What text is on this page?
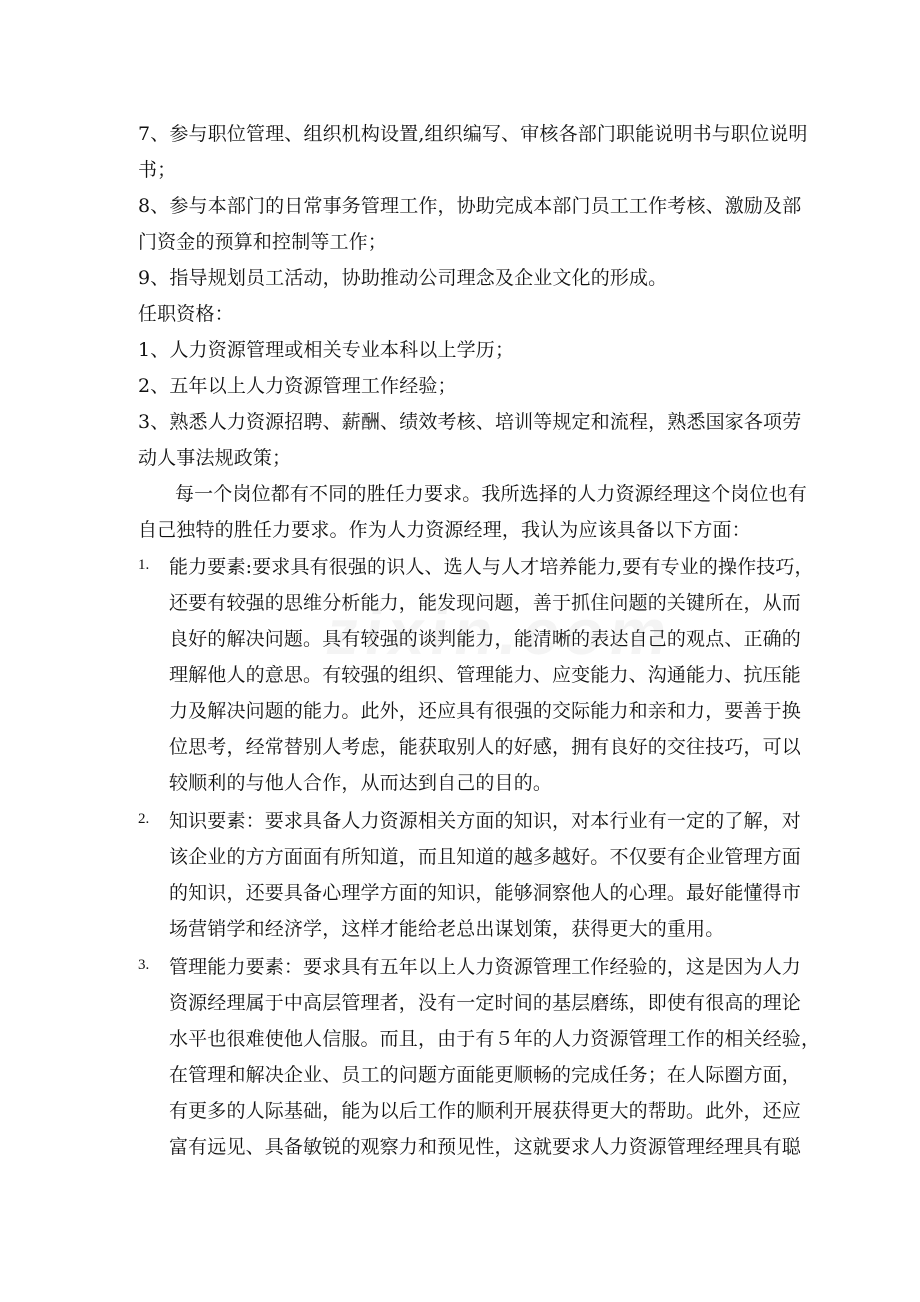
7、参与职位管理、组织机构设置,组织编写、审核各部门职能说明书与职位说明
书；
8、参与本部门的日常事务管理工作，协助完成本部门员工工作考核、激励及部
门资金的预算和控制等工作；
9、指导规划员工活动，协助推动公司理念及企业文化的形成。
任职资格：
1、人力资源管理或相关专业本科以上学历；
2、五年以上人力资源管理工作经验；
3、熟悉人力资源招聘、薪酬、绩效考核、培训等规定和流程，熟悉国家各项劳
动人事法规政策；
每一个岗位都有不同的胜任力要求。我所选择的人力资源经理这个岗位也有
自己独特的胜任力要求。作为人力资源经理，我认为应该具备以下方面：
1. 能力要素:要求具有很强的识人、选人与人才培养能力,要有专业的操作技巧，
还要有较强的思维分析能力，能发现问题，善于抓住问题的关键所在，从而
良好的解决问题。具有较强的谈判能力，能清晰的表达自己的观点、正确的
理解他人的意思。有较强的组织、管理能力、应变能力、沟通能力、抗压能
力及解决问题的能力。此外，还应具有很强的交际能力和亲和力，要善于换
位思考，经常替别人考虑，能获取别人的好感，拥有良好的交往技巧，可以
较顺利的与他人合作，从而达到自己的目的。
2. 知识要素：要求具备人力资源相关方面的知识，对本行业有一定的了解，对
该企业的方方面面有所知道，而且知道的越多越好。不仅要有企业管理方面
的知识，还要具备心理学方面的知识，能够洞察他人的心理。最好能懂得市
场营销学和经济学，这样才能给老总出谋划策，获得更大的重用。
3. 管理能力要素：要求具有五年以上人力资源管理工作经验的，这是因为人力
资源经理属于中高层管理者，没有一定时间的基层磨练，即使有很高的理论
水平也很难使他人信服。而且，由于有５年的人力资源管理工作的相关经验，
在管理和解决企业、员工的问题方面能更顺畅的完成任务；在人际圈方面，
有更多的人际基础，能为以后工作的顺利开展获得更大的帮助。此外，还应
富有远见、具备敏锐的观察力和预见性，这就要求人力资源管理经理具有聪
